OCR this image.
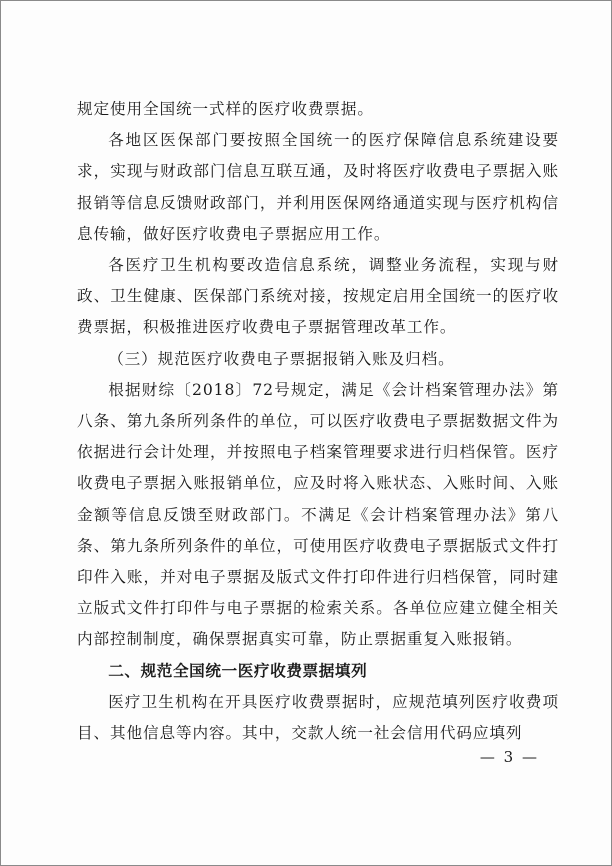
规定使用全国统一式样的医疗收费票据。

各地区医保部门要按照全国统一的医疗保障信息系统建设要求，实现与财政部门信息互联互通，及时将医疗收费电子票据入账报销等信息反馈财政部门，并利用医保网络通道实现与医疗机构信息传输，做好医疗收费电子票据应用工作。

各医疗卫生机构要改造信息系统，调整业务流程，实现与财政、卫生健康、医保部门系统对接，按规定启用全国统一的医疗收费票据，积极推进医疗收费电子票据管理改革工作。

（三）规范医疗收费电子票据报销入账及归档。

根据财综〔2018〕72号规定，满足《会计档案管理办法》第八条、第九条所列条件的单位，可以医疗收费电子票据数据文件为依据进行会计处理，并按照电子档案管理要求进行归档保管。医疗收费电子票据入账报销单位，应及时将入账状态、入账时间、入账金额等信息反馈至财政部门。不满足《会计档案管理办法》第八条、第九条所列条件的单位，可使用医疗收费电子票据版式文件打印件入账，并对电子票据及版式文件打印件进行归档保管，同时建立版式文件打印件与电子票据的检索关系。各单位应建立健全相关内部控制制度，确保票据真实可靠，防止票据重复入账报销。

二、规范全国统一医疗收费票据填列

医疗卫生机构在开具医疗收费票据时，应规范填列医疗收费项目、其他信息等内容。其中，交款人统一社会信用代码应填列

— 3 —
